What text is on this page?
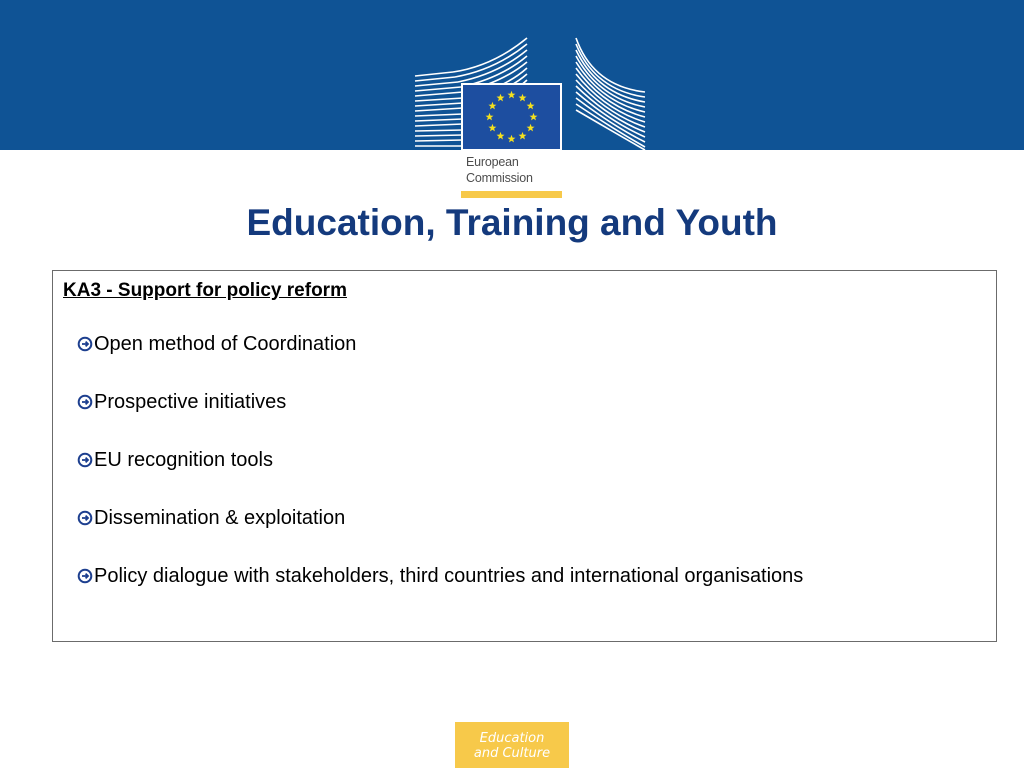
European
Commission
Education, Training and Youth
KA3 - Support for policy reform
Open method of Coordination
Prospective initiatives
EU recognition tools
Dissemination & exploitation
Policy dialogue with stakeholders, third countries and international organisations
Education
and Culture
